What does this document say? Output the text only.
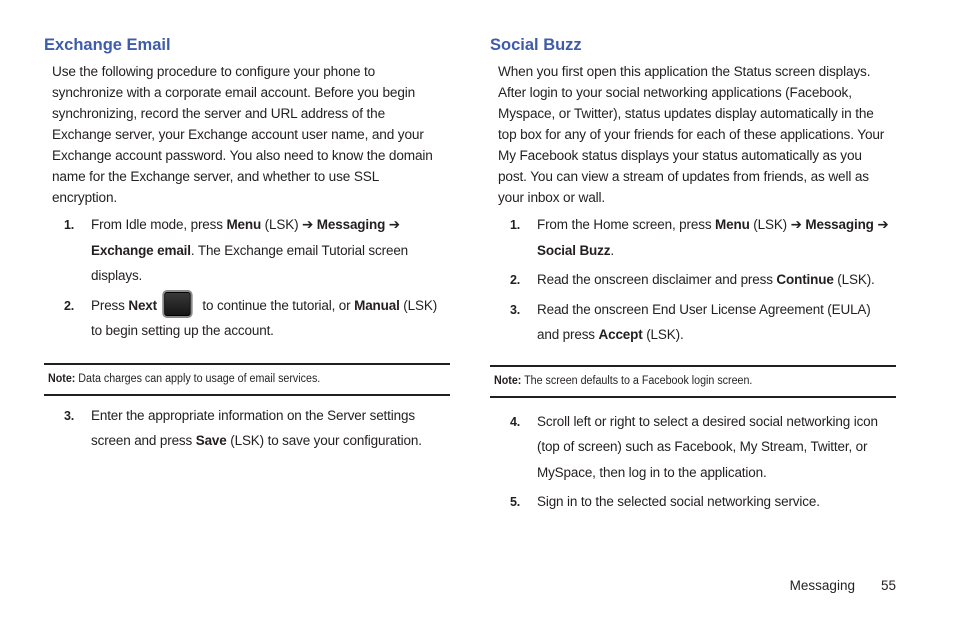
Exchange Email

Use the following procedure to configure your phone to synchronize with a corporate email account. Before you begin synchronizing, record the server and URL address of the Exchange server, your Exchange account user name, and your Exchange account password. You also need to know the domain name for the Exchange server, and whether to use SSL encryption.

1. From Idle mode, press Menu (LSK) ➔ Messaging ➔ Exchange email. The Exchange email Tutorial screen displays.
2. Press Next	to continue the tutorial, or Manual (LSK) to begin setting up the account.
Note: Data charges can apply to usage of email services.
3. Enter the appropriate information on the Server settings screen and press Save (LSK) to save your configuration.
Social Buzz

When you first open this application the Status screen displays. After login to your social networking applications (Facebook, Myspace, or Twitter), status updates display automatically in the top box for any of your friends for each of these applications. Your My Facebook status displays your status automatically as you post. You can view a stream of updates from friends, as well as your inbox or wall.

1. From the Home screen, press Menu (LSK) ➔ Messaging ➔ Social Buzz.
2. Read the onscreen disclaimer and press Continue (LSK).
3. Read the onscreen End User License Agreement (EULA) and press Accept (LSK).
Note: The screen defaults to a Facebook login screen.
4. Scroll left or right to select a desired social networking icon (top of screen) such as Facebook, My Stream, Twitter, or MySpace, then log in to the application.
5. Sign in to the selected social networking service.
Messaging 55
